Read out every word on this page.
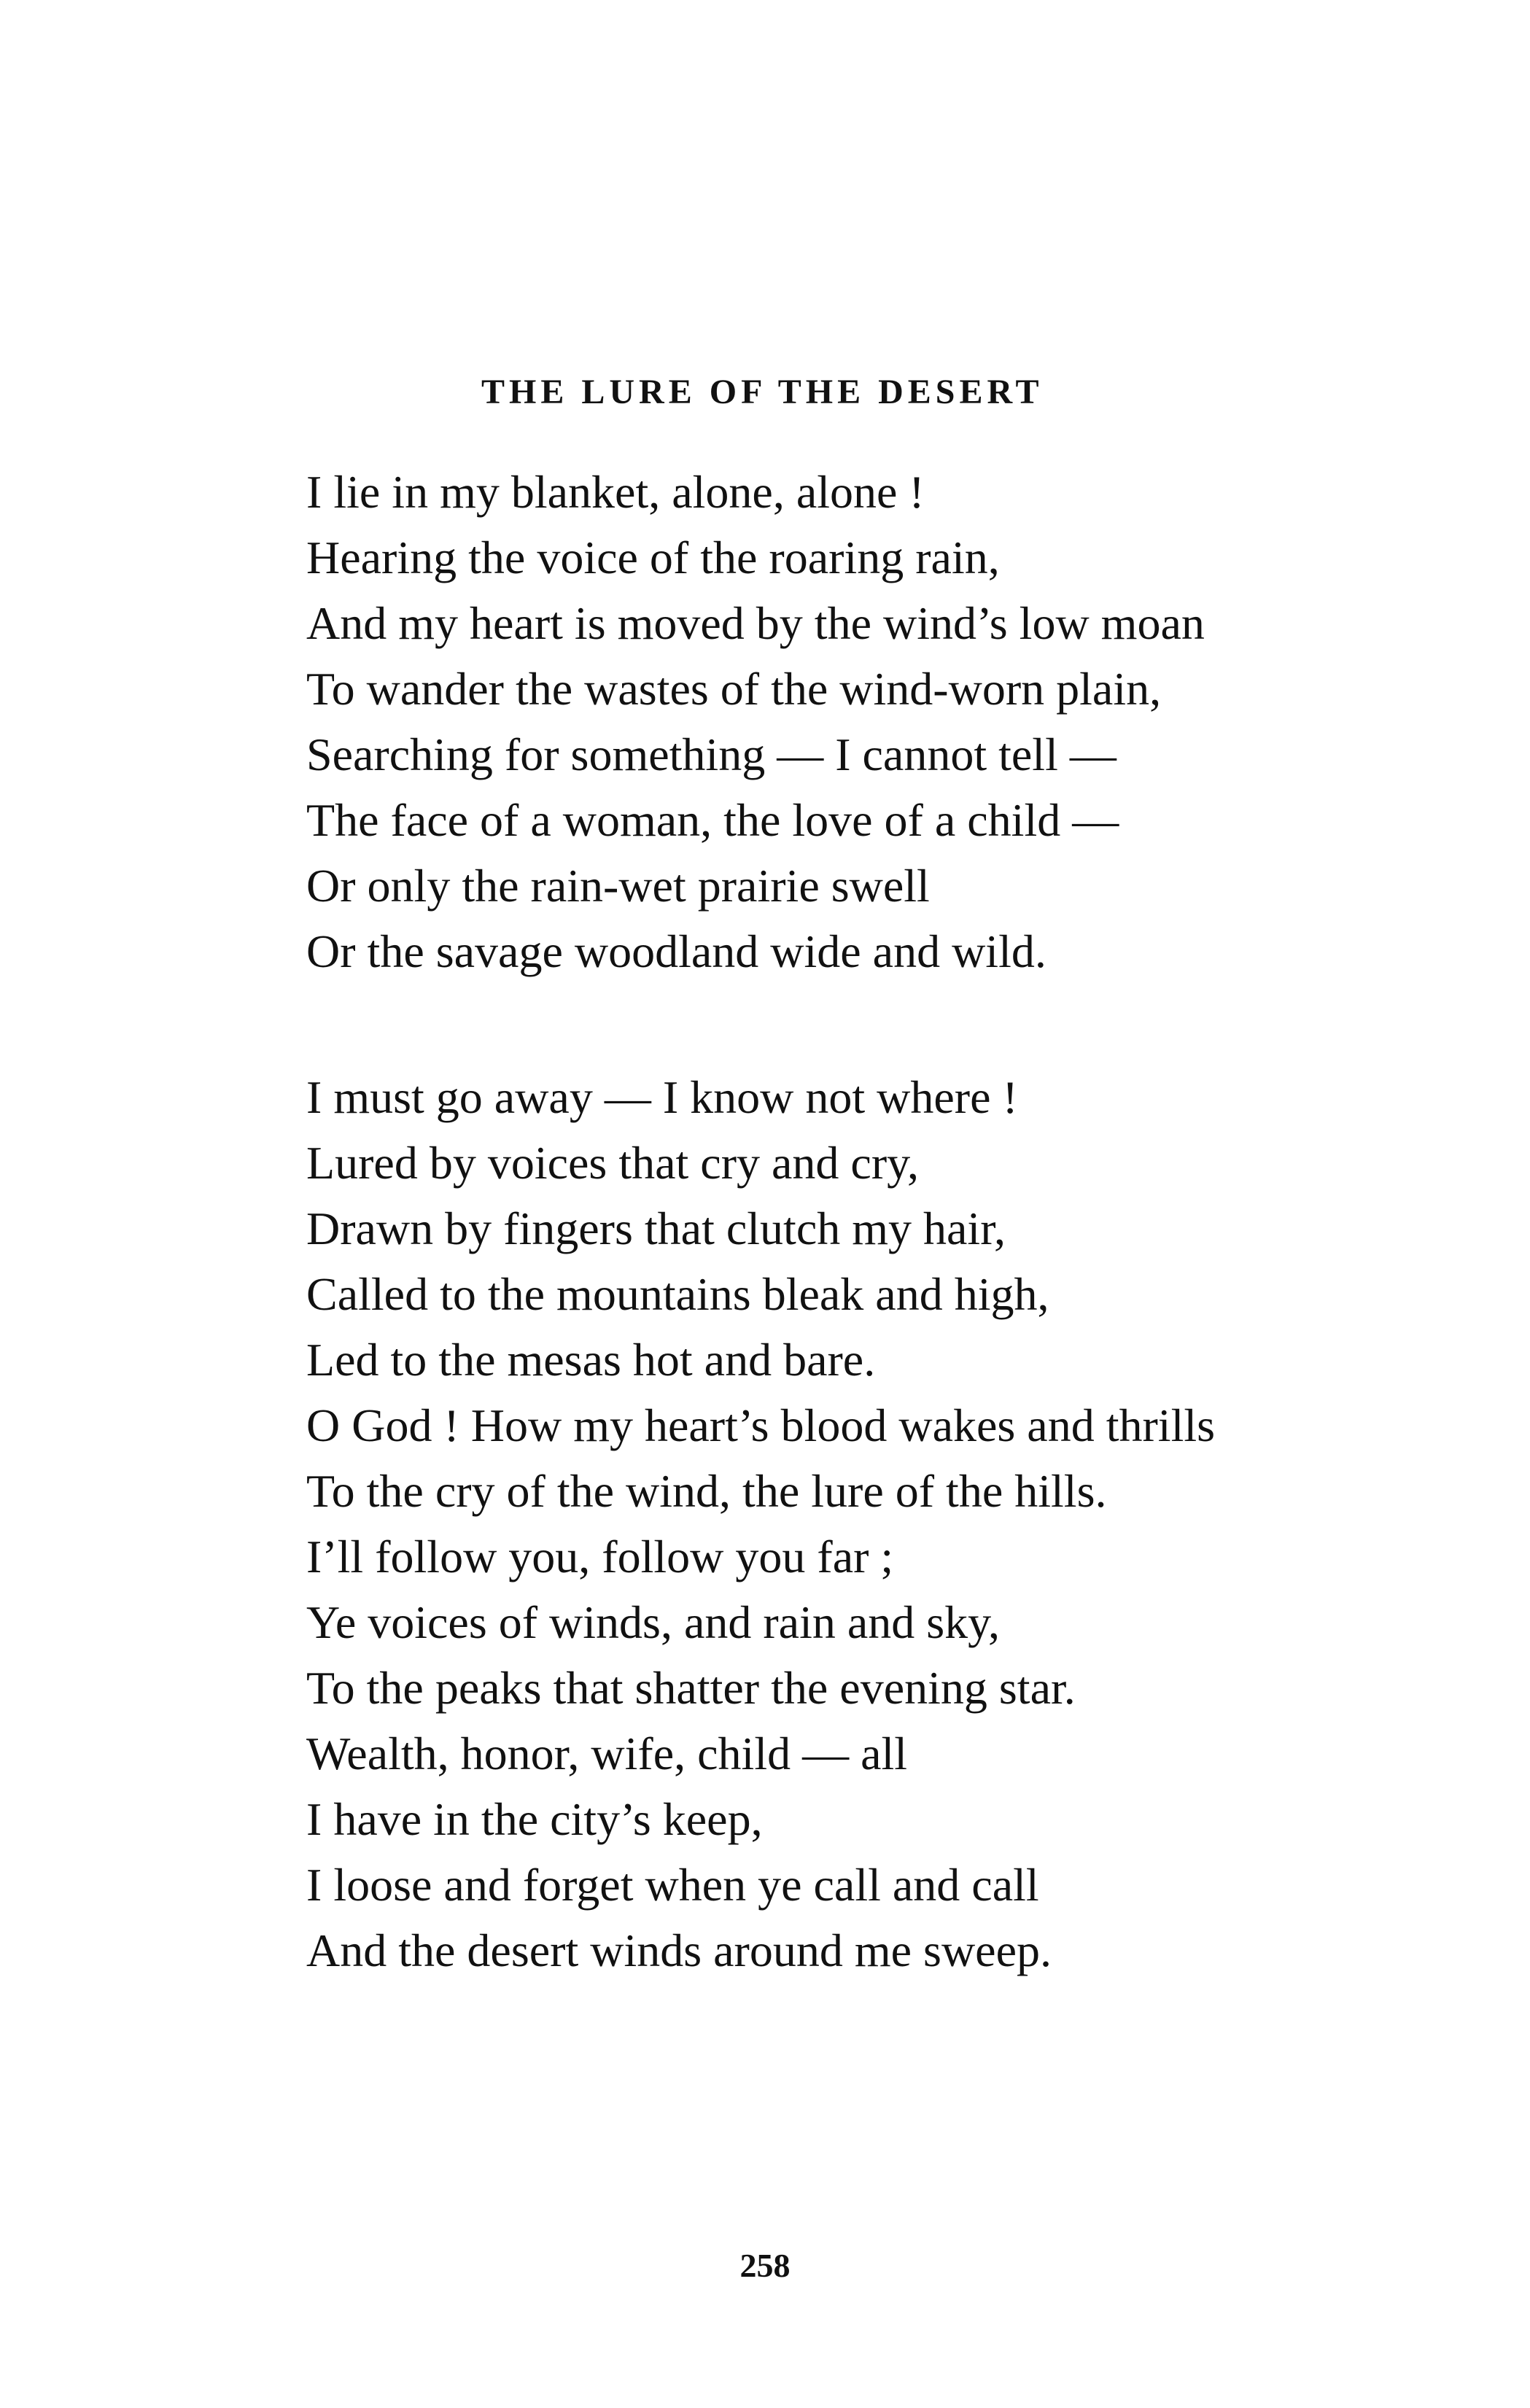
THE LURE OF THE DESERT
I lie in my blanket, alone, alone !
Hearing the voice of the roaring rain,
And my heart is moved by the wind’s low moan
To wander the wastes of the wind-worn plain,
Searching for something — I cannot tell —
The face of a woman, the love of a child —
Or only the rain-wet prairie swell
Or the savage woodland wide and wild.
I must go away — I know not where !
Lured by voices that cry and cry,
Drawn by fingers that clutch my hair,
Called to the mountains bleak and high,
Led to the mesas hot and bare.
O God ! How my heart’s blood wakes and thrills
To the cry of the wind, the lure of the hills.
I’ll follow you, follow you far ;
Ye voices of winds, and rain and sky,
To the peaks that shatter the evening star.
Wealth, honor, wife, child — all
I have in the city’s keep,
I loose and forget when ye call and call
And the desert winds around me sweep.

258
